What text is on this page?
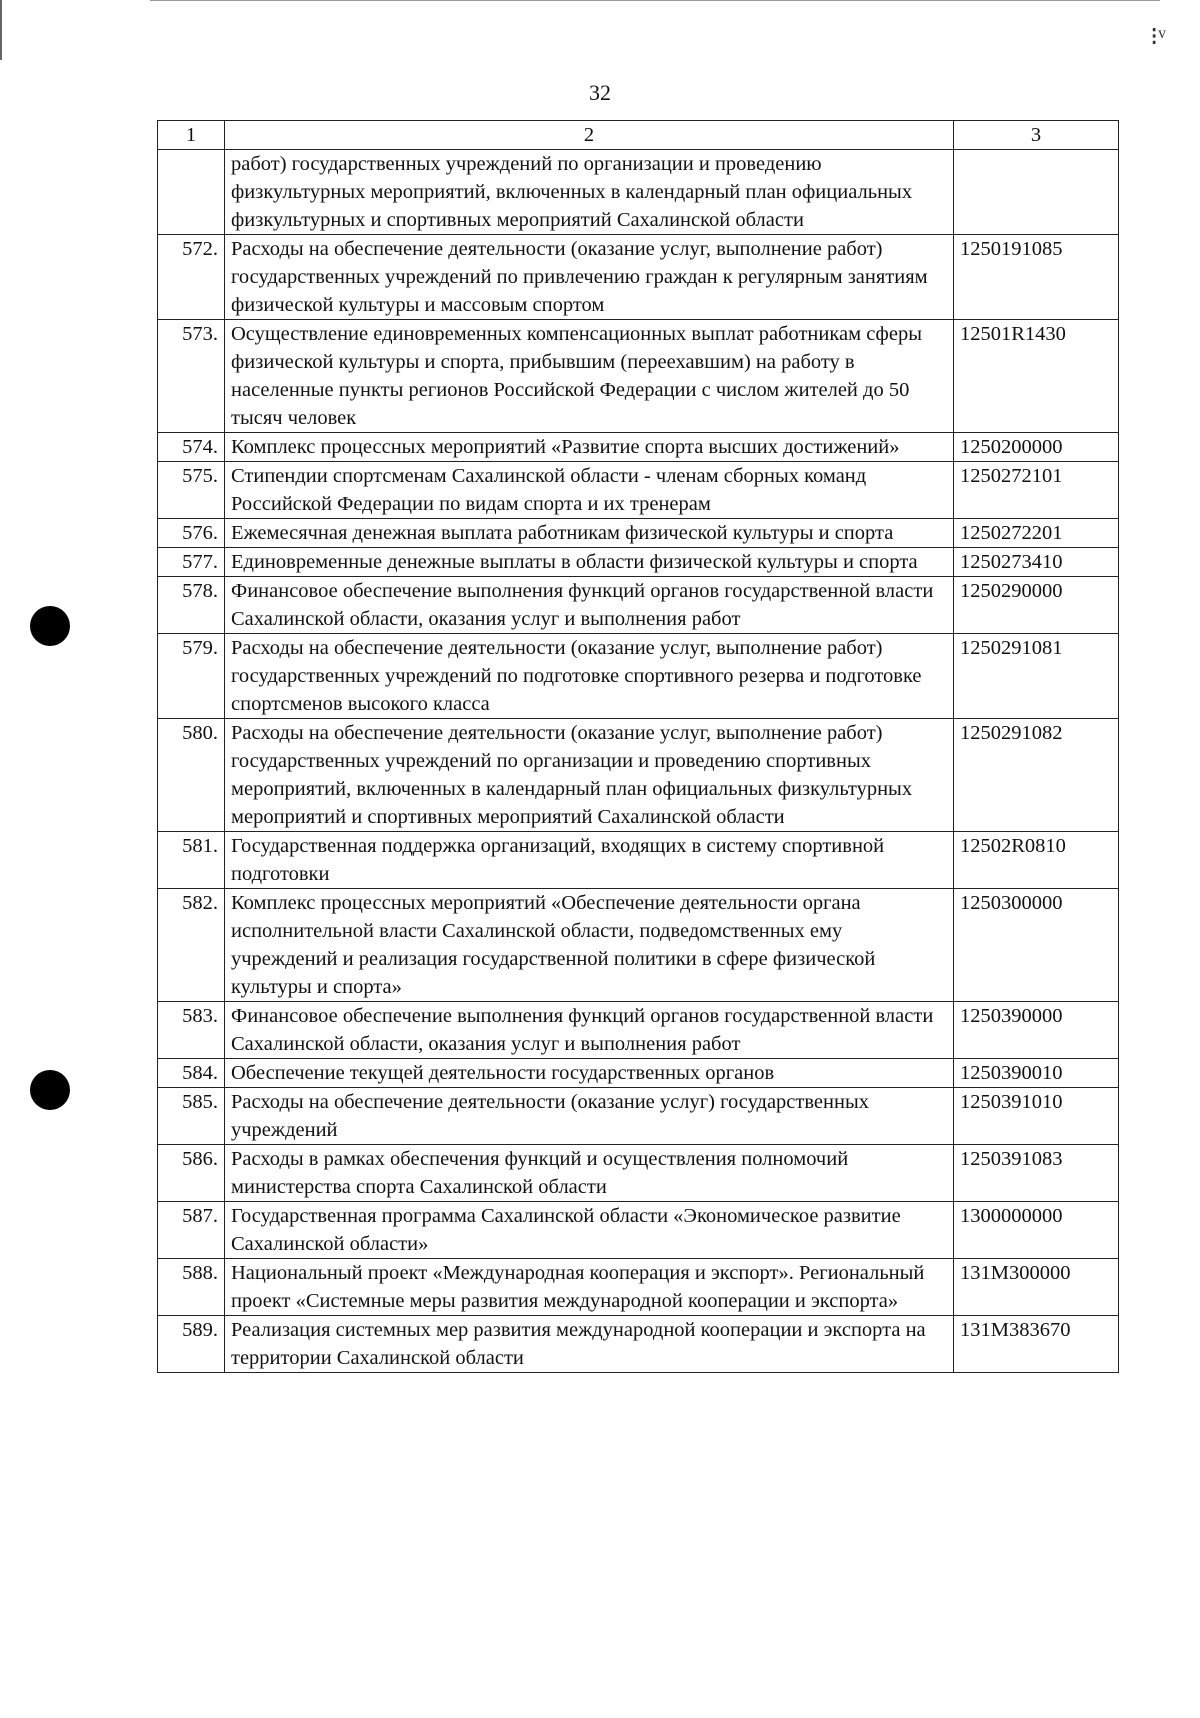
⁝ᵛ
32
1	2	3
	работ) государственных учреждений по организации и проведению физкультурных мероприятий, включенных в календарный план официальных физкультурных и спортивных мероприятий Сахалинской области	
572.	Расходы на обеспечение деятельности (оказание услуг, выполнение работ) государственных учреждений по привлечению граждан к регулярным занятиям физической культуры и массовым спортом	1250191085
573.	Осуществление единовременных компенсационных выплат работникам сферы физической культуры и спорта, прибывшим (переехавшим) на работу в населенные пункты регионов Российской Федерации с числом жителей до 50 тысяч человек	12501R1430
574.	Комплекс процессных мероприятий «Развитие спорта высших достижений»	1250200000
575.	Стипендии спортсменам Сахалинской области - членам сборных команд Российской Федерации по видам спорта и их тренерам	1250272101
576.	Ежемесячная денежная выплата работникам физической культуры и спорта	1250272201
577.	Единовременные денежные выплаты в области физической культуры и спорта	1250273410
578.	Финансовое обеспечение выполнения функций органов государственной власти Сахалинской области, оказания услуг и выполнения работ	1250290000
579.	Расходы на обеспечение деятельности (оказание услуг, выполнение работ) государственных учреждений по подготовке спортивного резерва и подготовке спортсменов высокого класса	1250291081
580.	Расходы на обеспечение деятельности (оказание услуг, выполнение работ) государственных учреждений по организации и проведению спортивных мероприятий, включенных в календарный план официальных физкультурных мероприятий и спортивных мероприятий Сахалинской области	1250291082
581.	Государственная поддержка организаций, входящих в систему спортивной подготовки	12502R0810
582.	Комплекс процессных мероприятий «Обеспечение деятельности органа исполнительной власти Сахалинской области, подведомственных ему учреждений и реализация государственной политики в сфере физической культуры и спорта»	1250300000
583.	Финансовое обеспечение выполнения функций органов государственной власти Сахалинской области, оказания услуг и выполнения работ	1250390000
584.	Обеспечение текущей деятельности государственных органов	1250390010
585.	Расходы на обеспечение деятельности (оказание услуг) государственных учреждений	1250391010
586.	Расходы в рамках обеспечения функций и осуществления полномочий министерства спорта Сахалинской области	1250391083
587.	Государственная программа Сахалинской области «Экономическое развитие Сахалинской области»	1300000000
588.	Национальный проект «Международная кооперация и экспорт». Региональный проект «Системные меры развития международной кооперации и экспорта»	131M300000
589.	Реализация системных мер развития международной кооперации и экспорта на территории Сахалинской области	131M383670
